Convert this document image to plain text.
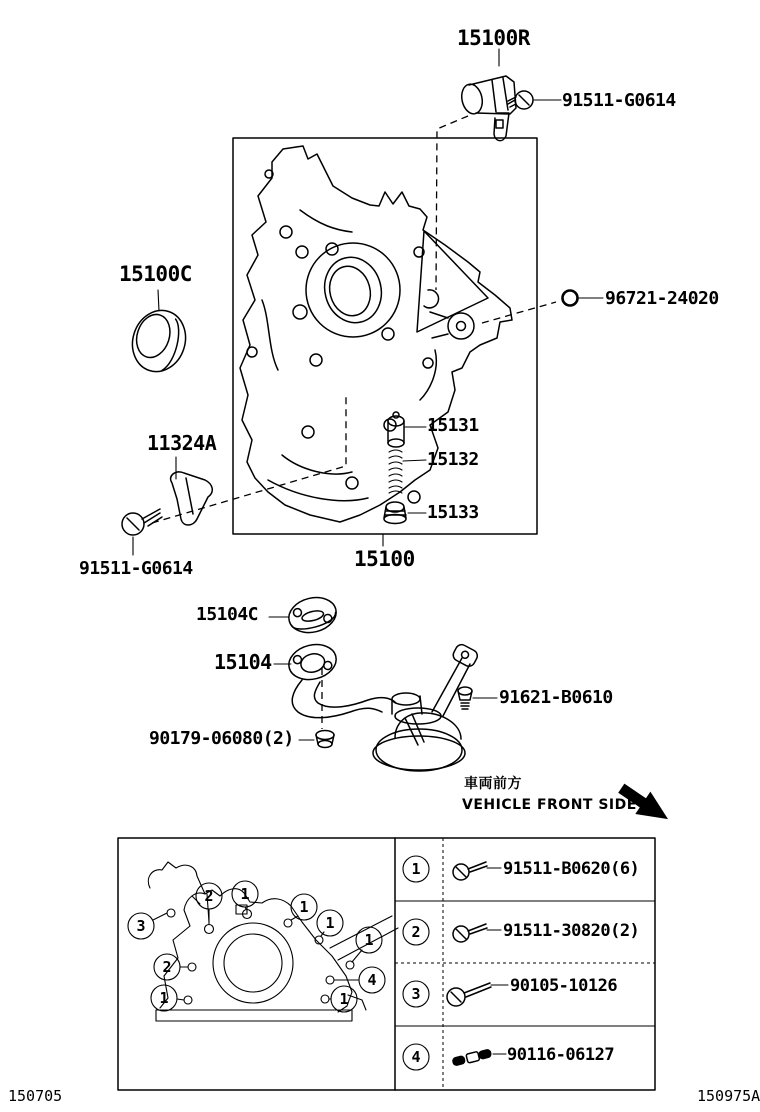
2 1
3
1
1
1
4
2
1	1
1
2
3
4
15100R
91511-G0614
15100C
96721-24020
15131
11324A
15132
15133
15100
91511-G0614
15104C
15104
91621-B0610
90179-06080(2)
車両前方
VEHICLE FRONT SIDE
91511-B0620(6)
91511-30820(2)
90105-10126
90116-06127
150705	150975A
